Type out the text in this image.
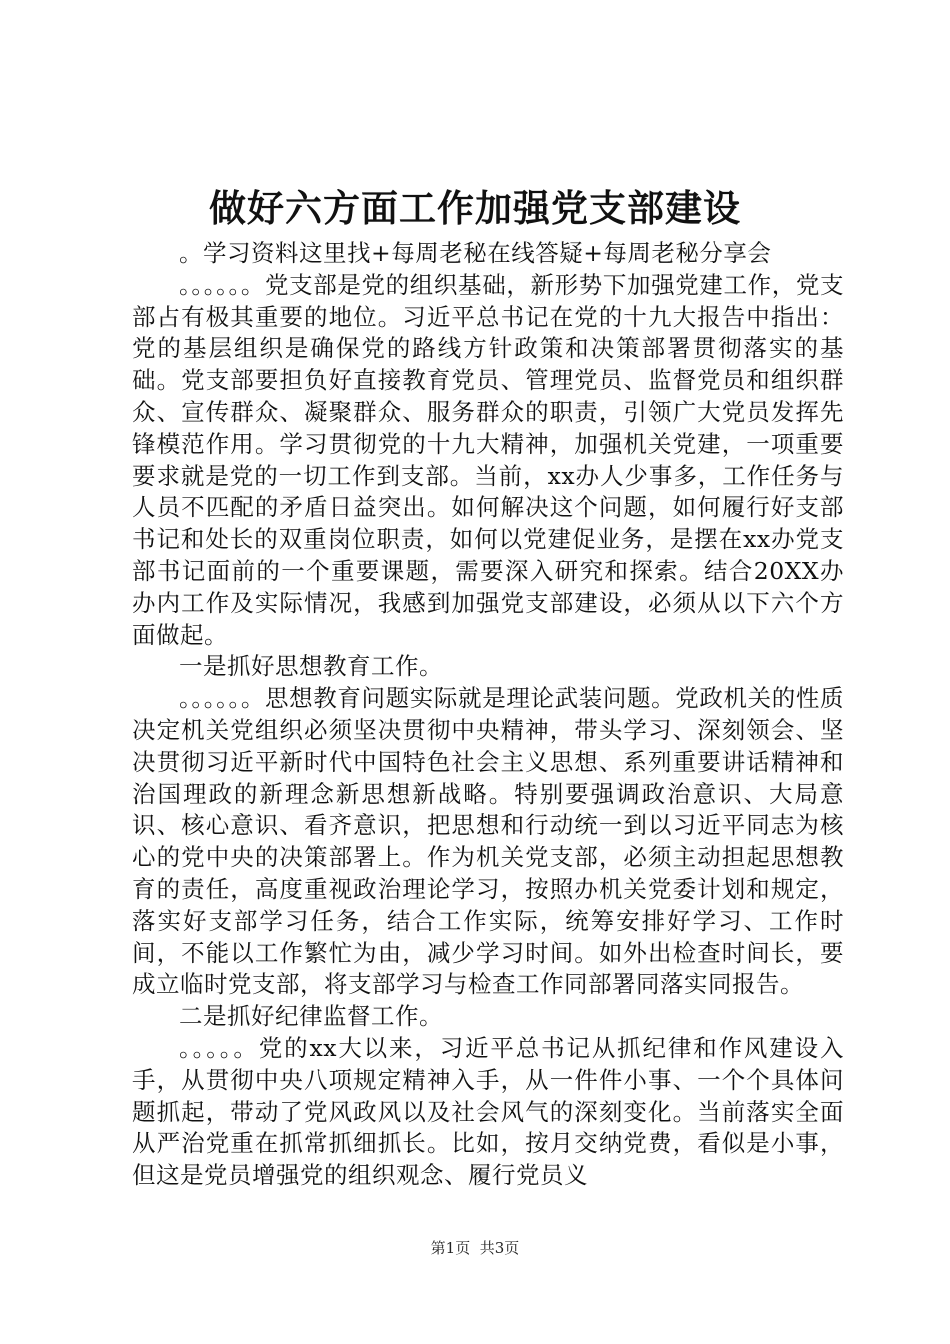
做好六方面工作加强党支部建设

。学习资料这里找+每周老秘在线答疑+每周老秘分享会

。。。。。。党支部是党的组织基础，新形势下加强党建工作，党支部占有极其重要的地位。习近平总书记在党的十九大报告中指出：党的基层组织是确保党的路线方针政策和决策部署贯彻落实的基础。党支部要担负好直接教育党员、管理党员、监督党员和组织群众、宣传群众、凝聚群众、服务群众的职责，引领广大党员发挥先锋模范作用。学习贯彻党的十九大精神，加强机关党建，一项重要要求就是党的一切工作到支部。当前，xx办人少事多，工作任务与人员不匹配的矛盾日益突出。如何解决这个问题，如何履行好支部书记和处长的双重岗位职责，如何以党建促业务，是摆在xx办党支部书记面前的一个重要课题，需要深入研究和探索。结合20XX办办内工作及实际情况，我感到加强党支部建设，必须从以下六个方面做起。

一是抓好思想教育工作。

。。。。。。思想教育问题实际就是理论武装问题。党政机关的性质决定机关党组织必须坚决贯彻中央精神，带头学习、深刻领会、坚决贯彻习近平新时代中国特色社会主义思想、系列重要讲话精神和治国理政的新理念新思想新战略。特别要强调政治意识、大局意识、核心意识、看齐意识，把思想和行动统一到以习近平同志为核心的党中央的决策部署上。作为机关党支部，必须主动担起思想教育的责任，高度重视政治理论学习，按照办机关党委计划和规定，落实好支部学习任务，结合工作实际，统筹安排好学习、工作时间，不能以工作繁忙为由，减少学习时间。如外出检查时间长，要成立临时党支部，将支部学习与检查工作同部署同落实同报告。

二是抓好纪律监督工作。

。。。。。党的xx大以来，习近平总书记从抓纪律和作风建设入手，从贯彻中央八项规定精神入手，从一件件小事、一个个具体问题抓起，带动了党风政风以及社会风气的深刻变化。当前落实全面从严治党重在抓常抓细抓长。比如，按月交纳党费，看似是小事，但这是党员增强党的组织观念、履行党员义

第1页 共3页
